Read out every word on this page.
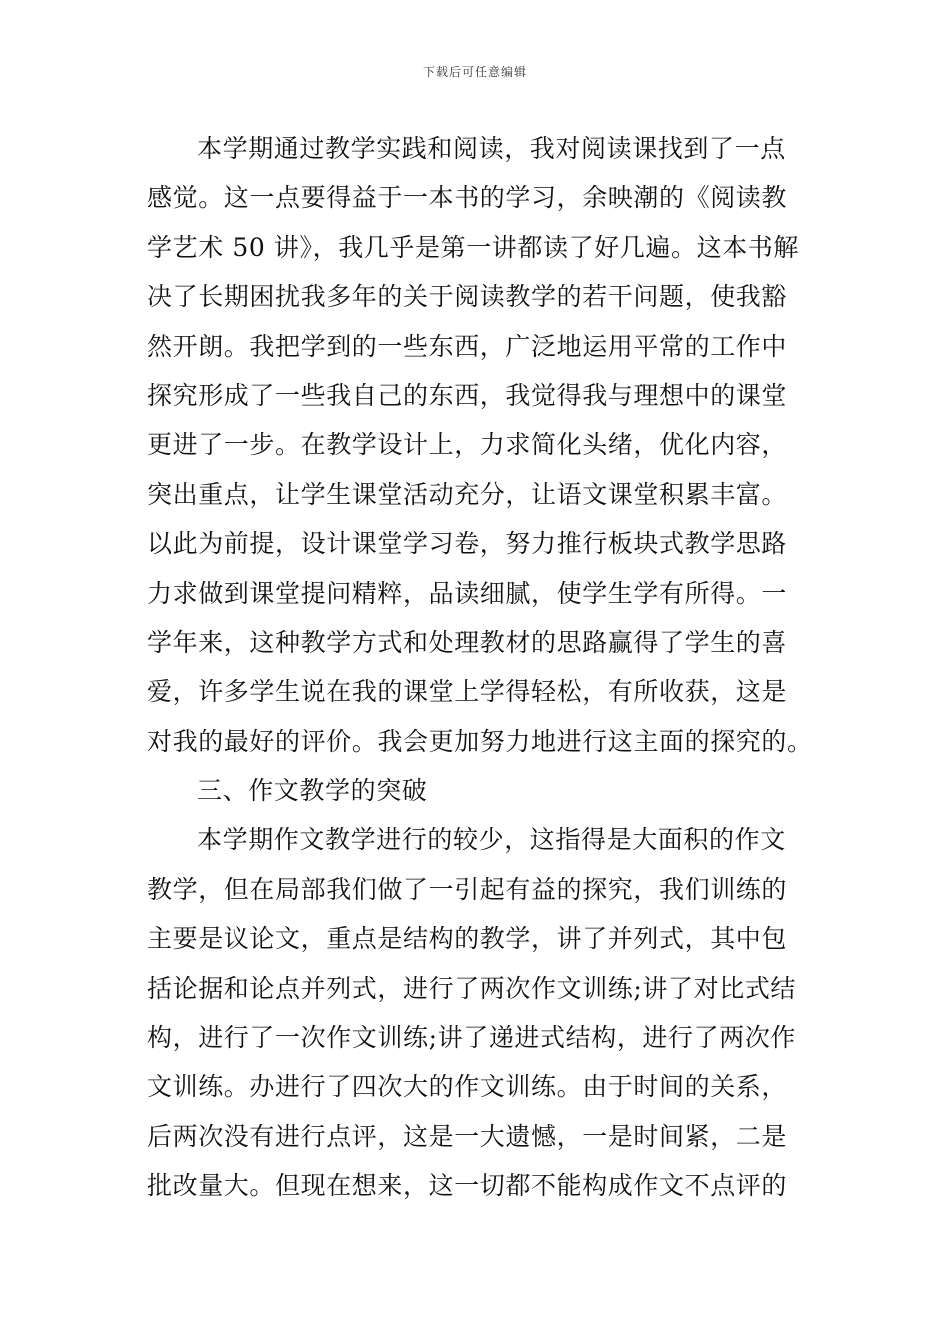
下载后可任意编辑
本学期通过教学实践和阅读，我对阅读课找到了一点
感觉。这一点要得益于一本书的学习，余映潮的《阅读教
学艺术 50 讲》，我几乎是第一讲都读了好几遍。这本书解
决了长期困扰我多年的关于阅读教学的若干问题，使我豁
然开朗。我把学到的一些东西，广泛地运用平常的工作中
探究形成了一些我自己的东西，我觉得我与理想中的课堂
更进了一步。在教学设计上，力求简化头绪，优化内容，
突出重点，让学生课堂活动充分，让语文课堂积累丰富。
以此为前提，设计课堂学习卷，努力推行板块式教学思路
力求做到课堂提问精粹，品读细腻，使学生学有所得。一
学年来，这种教学方式和处理教材的思路赢得了学生的喜
爱，许多学生说在我的课堂上学得轻松，有所收获，这是
对我的最好的评价。我会更加努力地进行这主面的探究的。
三、作文教学的突破
本学期作文教学进行的较少，这指得是大面积的作文
教学，但在局部我们做了一引起有益的探究，我们训练的
主要是议论文，重点是结构的教学，讲了并列式，其中包
括论据和论点并列式，进行了两次作文训练;讲了对比式结
构，进行了一次作文训练;讲了递进式结构，进行了两次作
文训练。办进行了四次大的作文训练。由于时间的关系，
后两次没有进行点评，这是一大遗憾，一是时间紧，二是
批改量大。但现在想来，这一切都不能构成作文不点评的
